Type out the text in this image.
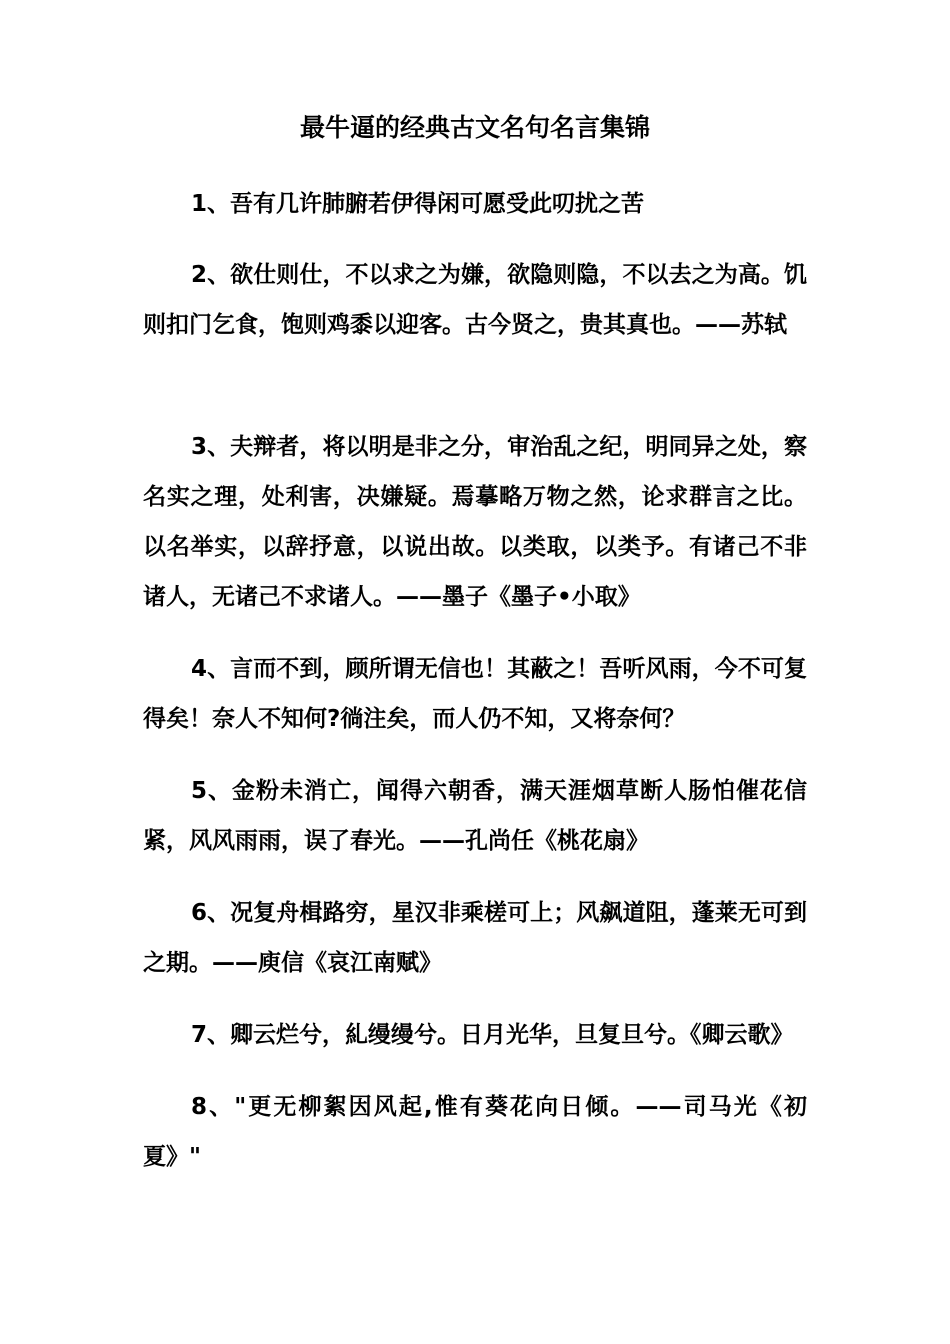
最牛逼的经典古文名句名言集锦

1、吾有几许肺腑若伊得闲可愿受此叨扰之苦

2、欲仕则仕，不以求之为嫌，欲隐则隐，不以去之为高。饥则扣门乞食，饱则鸡黍以迎客。古今贤之，贵其真也。——苏轼

3、夫辩者，将以明是非之分，审治乱之纪，明同异之处，察名实之理，处利害，决嫌疑。焉摹略万物之然，论求群言之比。以名举实，以辞抒意，以说出故。以类取，以类予。有诸己不非诸人，无诸己不求诸人。——墨子《墨子•小取》

4、言而不到，顾所谓无信也！其蔽之！吾听风雨，今不可复得矣！奈人不知何?徜注矣，而人仍不知，又将奈何？

5、金粉未消亡，闻得六朝香，满天涯烟草断人肠怕催花信紧，风风雨雨，误了春光。——孔尚任《桃花扇》

6、况复舟楫路穷，星汉非乘槎可上；风飙道阻，蓬莱无可到之期。——庾信《哀江南赋》

7、卿云烂兮，糺缦缦兮。日月光华，旦复旦兮。《卿云歌》

8、"更无柳絮因风起,惟有葵花向日倾。——司马光《初夏》"
